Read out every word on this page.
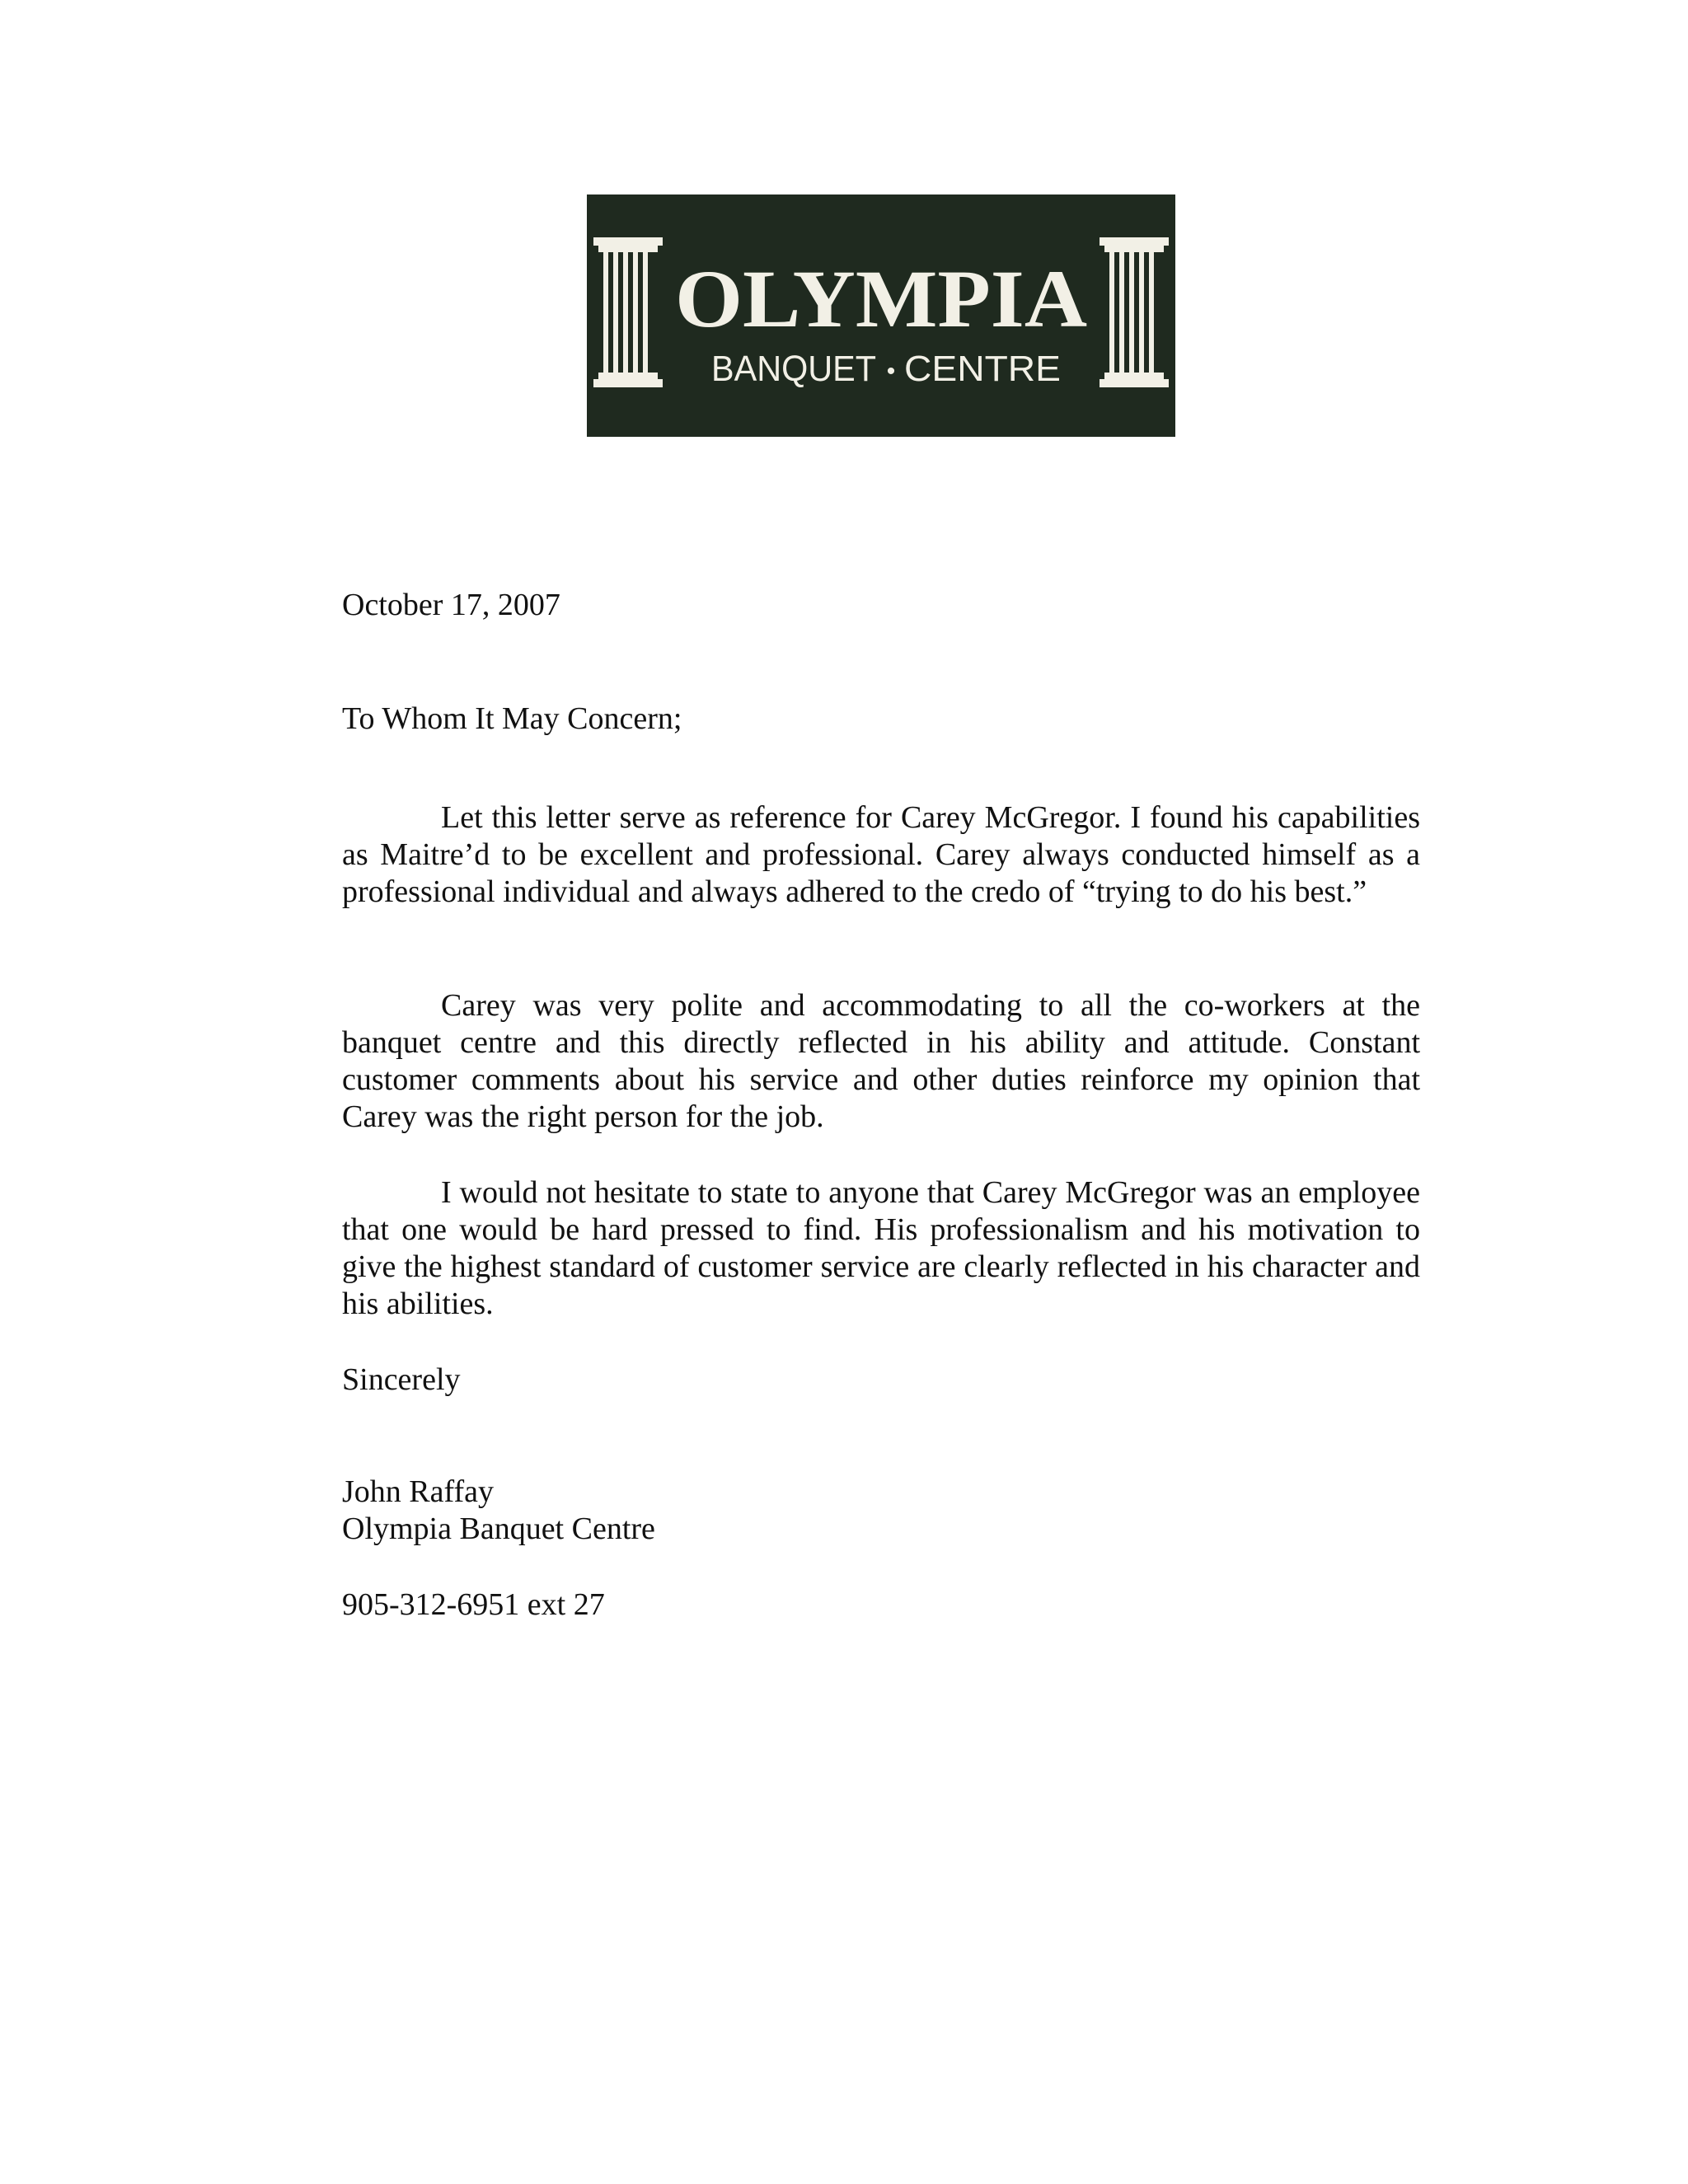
OLYMPIA
BANQUET • CENTRE

October 17, 2007

To Whom It May Concern;

Let this letter serve as reference for Carey McGregor. I found his capabilities as Maitre’d to be excellent and professional. Carey always conducted himself as a professional individual and always adhered to the credo of “trying to do his best.”

Carey was very polite and accommodating to all the co-workers at the banquet centre and this directly reflected in his ability and attitude. Constant customer comments about his service and other duties reinforce my opinion that Carey was the right person for the job.

I would not hesitate to state to anyone that Carey McGregor was an employee that one would be hard pressed to find. His professionalism and his motivation to give the highest standard of customer service are clearly reflected in his character and his abilities.

Sincerely

John Raffay

Olympia Banquet Centre

905-312-6951 ext 27
